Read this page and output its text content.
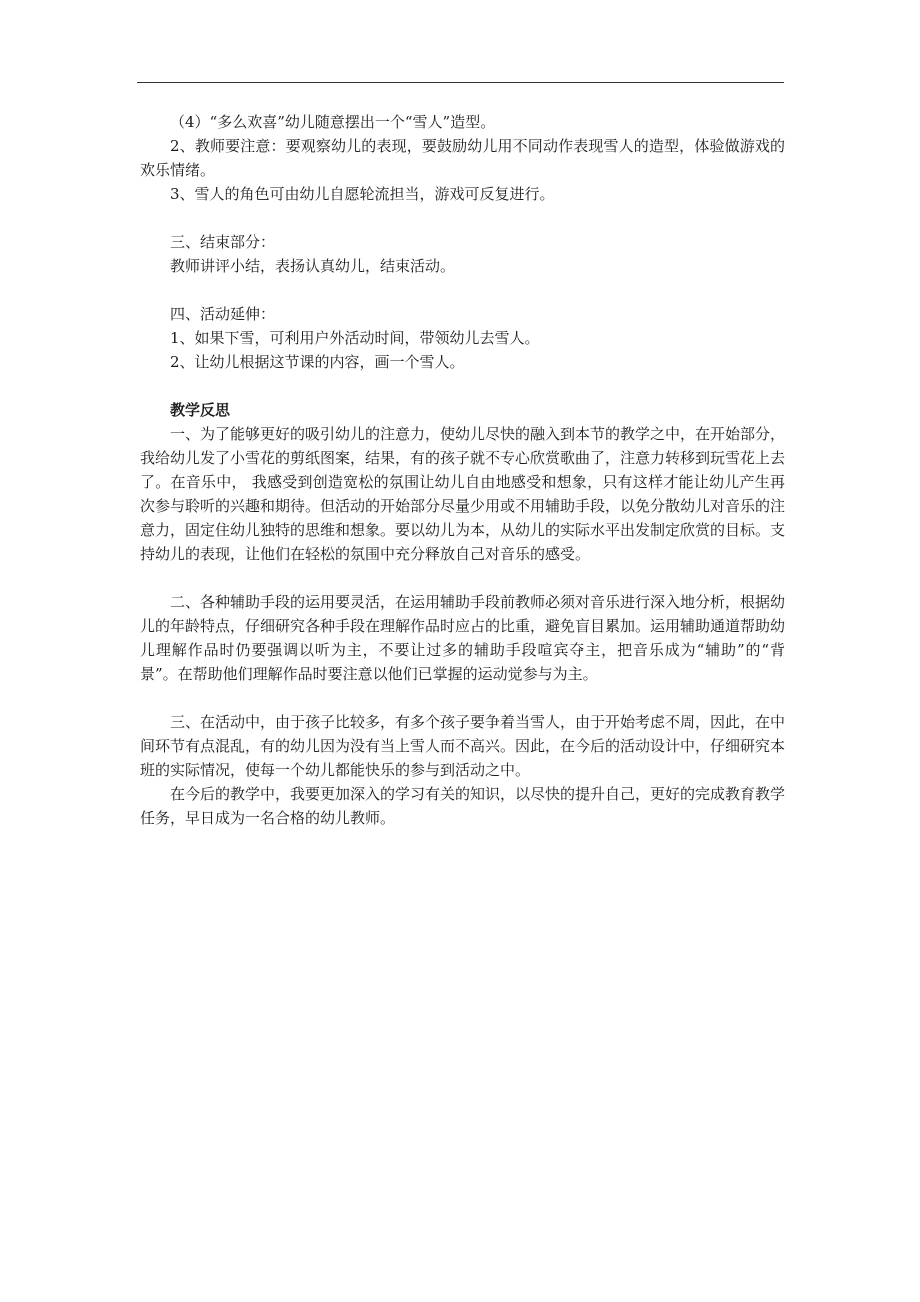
（4）“多么欢喜”幼儿随意摆出一个“雪人”造型。

2、教师要注意：要观察幼儿的表现，要鼓励幼儿用不同动作表现雪人的造型，体验做游戏的欢乐情绪。

3、雪人的角色可由幼儿自愿轮流担当，游戏可反复进行。

三、结束部分：

教师讲评小结，表扬认真幼儿，结束活动。

四、活动延伸：

1、如果下雪，可利用户外活动时间，带领幼儿去雪人。

2、让幼儿根据这节课的内容，画一个雪人。

教学反思

一、为了能够更好的吸引幼儿的注意力，使幼儿尽快的融入到本节的教学之中，在开始部分，我给幼儿发了小雪花的剪纸图案，结果，有的孩子就不专心欣赏歌曲了，注意力转移到玩雪花上去了。在音乐中， 我感受到创造宽松的氛围让幼儿自由地感受和想象，只有这样才能让幼儿产生再次参与聆听的兴趣和期待。但活动的开始部分尽量少用或不用辅助手段，以免分散幼儿对音乐的注意力，固定住幼儿独特的思维和想象。要以幼儿为本，从幼儿的实际水平出发制定欣赏的目标。支持幼儿的表现，让他们在轻松的氛围中充分释放自己对音乐的感受。

二、各种辅助手段的运用要灵活，在运用辅助手段前教师必须对音乐进行深入地分析，根据幼儿的年龄特点，仔细研究各种手段在理解作品时应占的比重，避免盲目累加。运用辅助通道帮助幼儿理解作品时仍要强调以听为主，不要让过多的辅助手段喧宾夺主，把音乐成为“辅助”的“背景”。在帮助他们理解作品时要注意以他们已掌握的运动觉参与为主。

三、在活动中，由于孩子比较多，有多个孩子要争着当雪人，由于开始考虑不周，因此，在中间环节有点混乱，有的幼儿因为没有当上雪人而不高兴。因此，在今后的活动设计中，仔细研究本班的实际情况，使每一个幼儿都能快乐的参与到活动之中。

在今后的教学中，我要更加深入的学习有关的知识，以尽快的提升自己，更好的完成教育教学任务，早日成为一名合格的幼儿教师。
